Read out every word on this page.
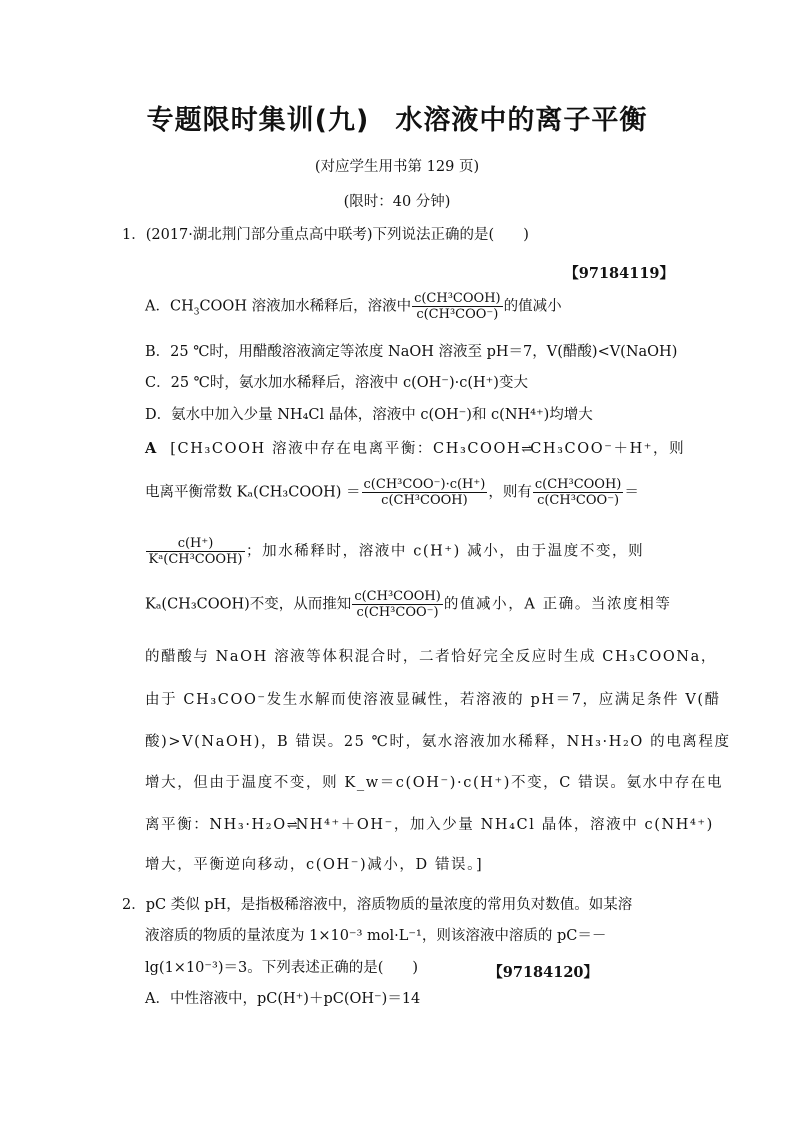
专题限时集训(九) 水溶液中的离子平衡
(对应学生用书第 129 页)
(限时：40 分钟)
1．(2017·湖北荆门部分重点高中联考)下列说法正确的是(　　)
【97184119】
A．$CH_3COOH$ 溶液加水稀释后，溶液中 $\frac{\text{c(CH³COOH)}}{\text{c(CH³COO⁻)}}$ 的值减小
B．25 ℃时，用醋酸溶液滴定等浓度 NaOH 溶液至 pH＝7，V(醋酸)<V(NaOH)
C．25 ℃时，氨水加水稀释后，溶液中 c(OH⁻)·c(H⁺)变大
D．氨水中加入少量 NH₄Cl 晶体，溶液中 c(OH⁻)和 c(NH⁴⁺)均增大
A [CH₃COOH 溶液中存在电离平衡：CH₃COOH⇌CH₃COO⁻＋H⁺，则
电离平衡常数 Kₐ(CH₃COOH) ＝ $\frac{\text{c(CH³COO⁻)·c(H⁺)}}{\text{c(CH³COOH)}}$ ，则有 $\frac{\text{c(CH³COOH)}}{\text{c(CH³COO⁻)}}$ ＝
$\frac{c(H^+)}{\text{Kᵃ(CH³COOH)}}$ ；加水稀释时，溶液中 c(H⁺) 减小，由于温度不变，则
Kₐ(CH₃COOH)不变，从而推知 $\frac{\text{c(CH³COOH)}}{\text{c(CH³COO⁻)}}$ 的值减小，A 正确。当浓度相等
的醋酸与 NaOH 溶液等体积混合时，二者恰好完全反应时生成 CH₃COONa，
由于 CH₃COO⁻发生水解而使溶液显碱性，若溶液的 pH＝7，应满足条件 V(醋
酸)>V(NaOH)，B 错误。25 ℃时，氨水溶液加水稀释，NH₃·H₂O 的电离程度
增大，但由于温度不变，则 K_w＝c(OH⁻)·c(H⁺)不变，C 错误。氨水中存在电
离平衡：NH₃·H₂O⇌NH⁴⁺＋OH⁻，加入少量 NH₄Cl 晶体，溶液中 c(NH⁴⁺)
增大，平衡逆向移动，c(OH⁻)减小，D 错误。]
2．pC 类似 pH，是指极稀溶液中，溶质物质的量浓度的常用负对数值。如某溶
液溶质的物质的量浓度为 1×10⁻³ mol·L⁻¹，则该溶液中溶质的 pC＝－
lg(1×10⁻³)＝3。下列表述正确的是(　　)	【97184120】
A．中性溶液中，pC(H⁺)＋pC(OH⁻)＝14
